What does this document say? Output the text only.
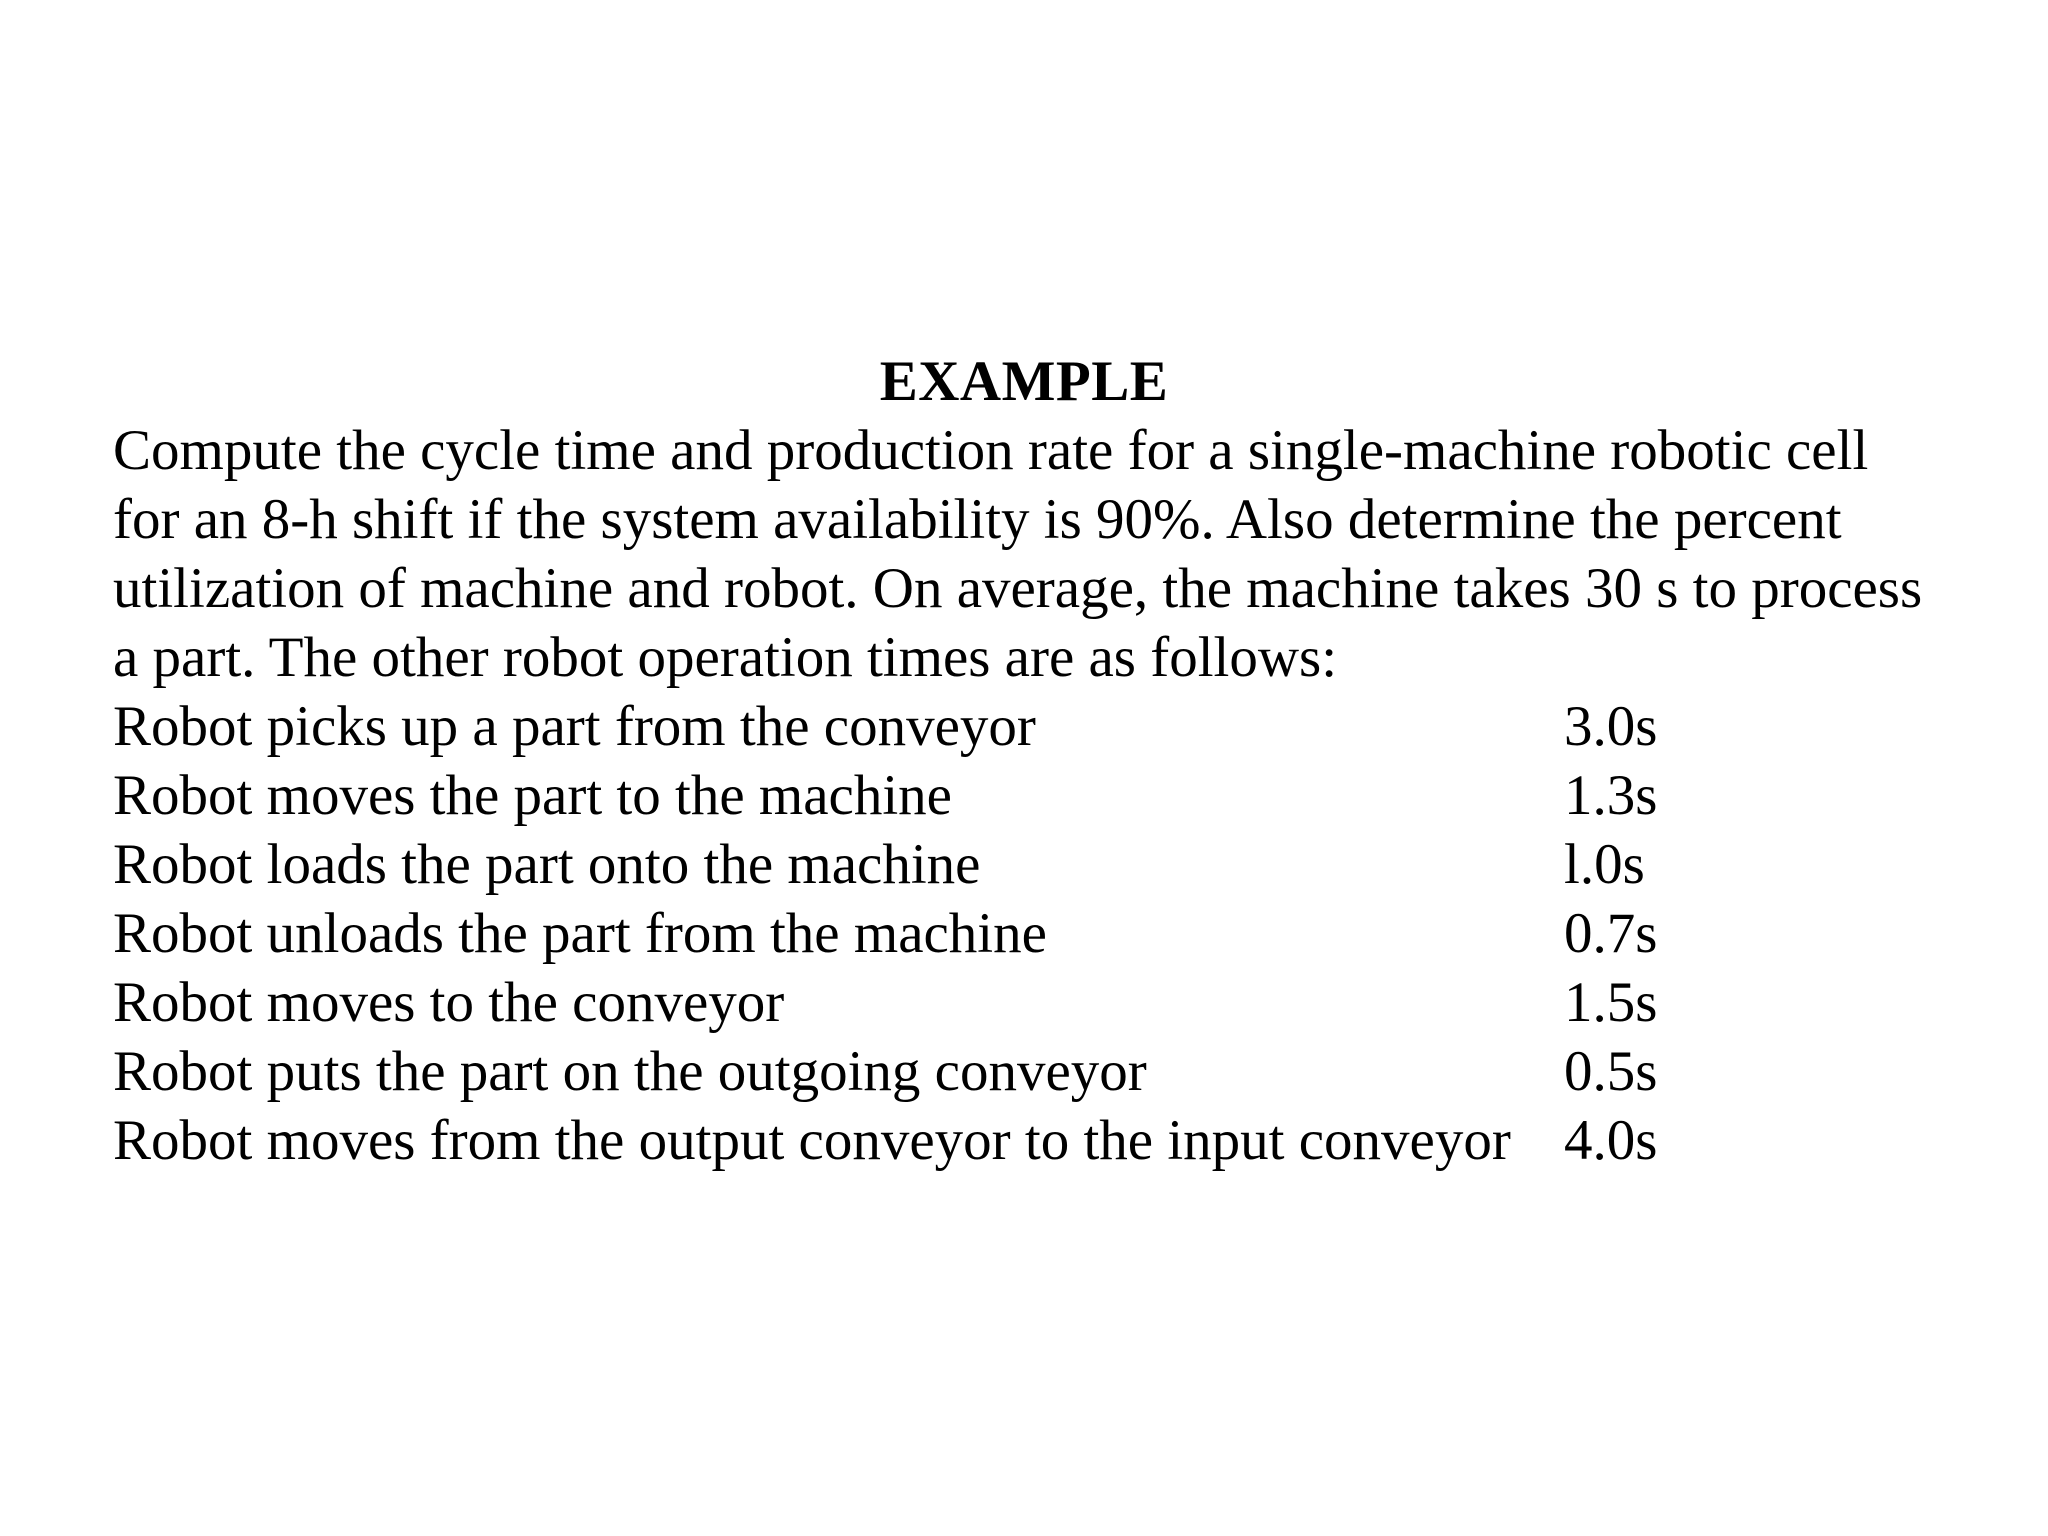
EXAMPLE
Compute the cycle time and production rate for a single-machine robotic cell
for an 8-h shift if the system availability is 90%. Also determine the percent
utilization of machine and robot. On average, the machine takes 30 s to process
a part. The other robot operation times are as follows:
Robot picks up a part from the conveyor	3.0s
Robot moves the part to the machine	1.3s
Robot loads the part onto the machine	l.0s
Robot unloads the part from the machine	0.7s
Robot moves to the conveyor	1.5s
Robot puts the part on the outgoing conveyor	0.5s
Robot moves from the output conveyor to the input conveyor 4.0s
